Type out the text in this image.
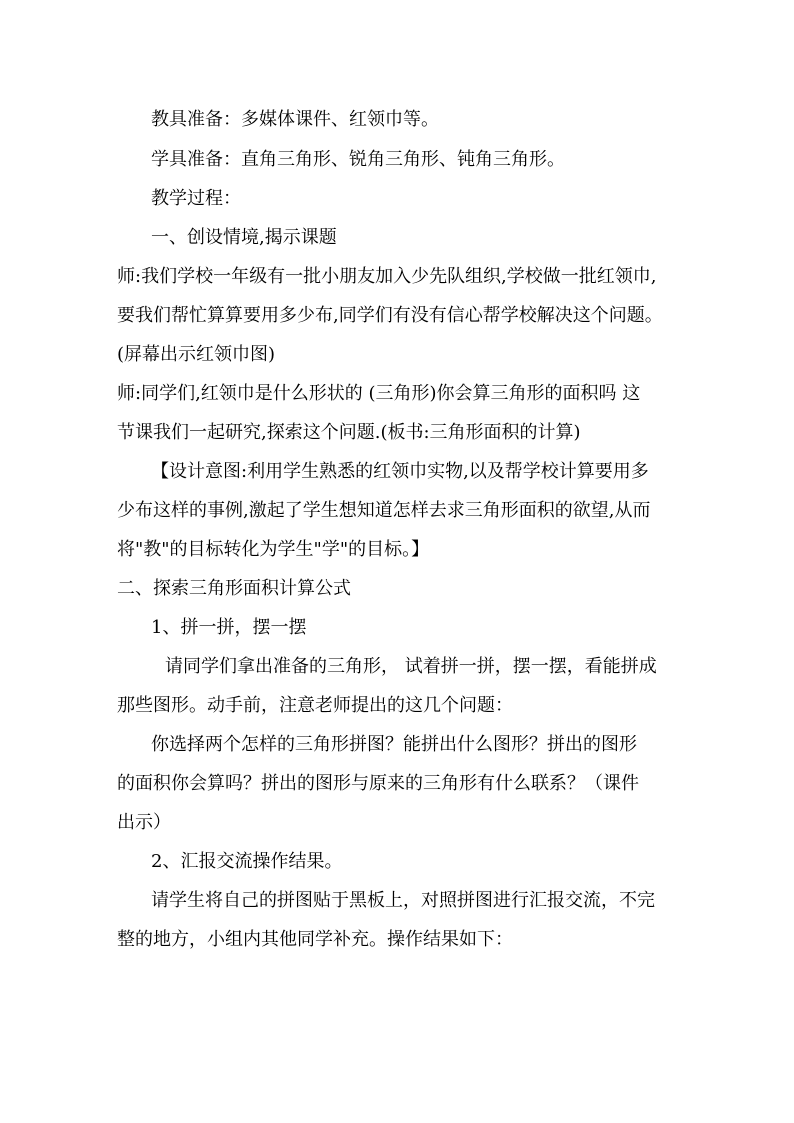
教具准备：多媒体课件、红领巾等。
学具准备：直角三角形、锐角三角形、钝角三角形。
教学过程：
一、创设情境,揭示课题
师:我们学校一年级有一批小朋友加入少先队组织,学校做一批红领巾,
要我们帮忙算算要用多少布,同学们有没有信心帮学校解决这个问题。
(屏幕出示红领巾图)
师:同学们,红领巾是什么形状的 (三角形)你会算三角形的面积吗 这
节课我们一起研究,探索这个问题.(板书:三角形面积的计算)
【设计意图:利用学生熟悉的红领巾实物,以及帮学校计算要用多
少布这样的事例,激起了学生想知道怎样去求三角形面积的欲望,从而
将"教"的目标转化为学生"学"的目标。】
二、探索三角形面积计算公式
1、拼一拼，摆一摆
请同学们拿出准备的三角形， 试着拼一拼，摆一摆，看能拼成
那些图形。动手前，注意老师提出的这几个问题：
你选择两个怎样的三角形拼图？能拼出什么图形？拼出的图形
的面积你会算吗？拼出的图形与原来的三角形有什么联系？（课件
出示）
2、汇报交流操作结果。
请学生将自己的拼图贴于黑板上，对照拼图进行汇报交流，不完
整的地方，小组内其他同学补充。操作结果如下：
